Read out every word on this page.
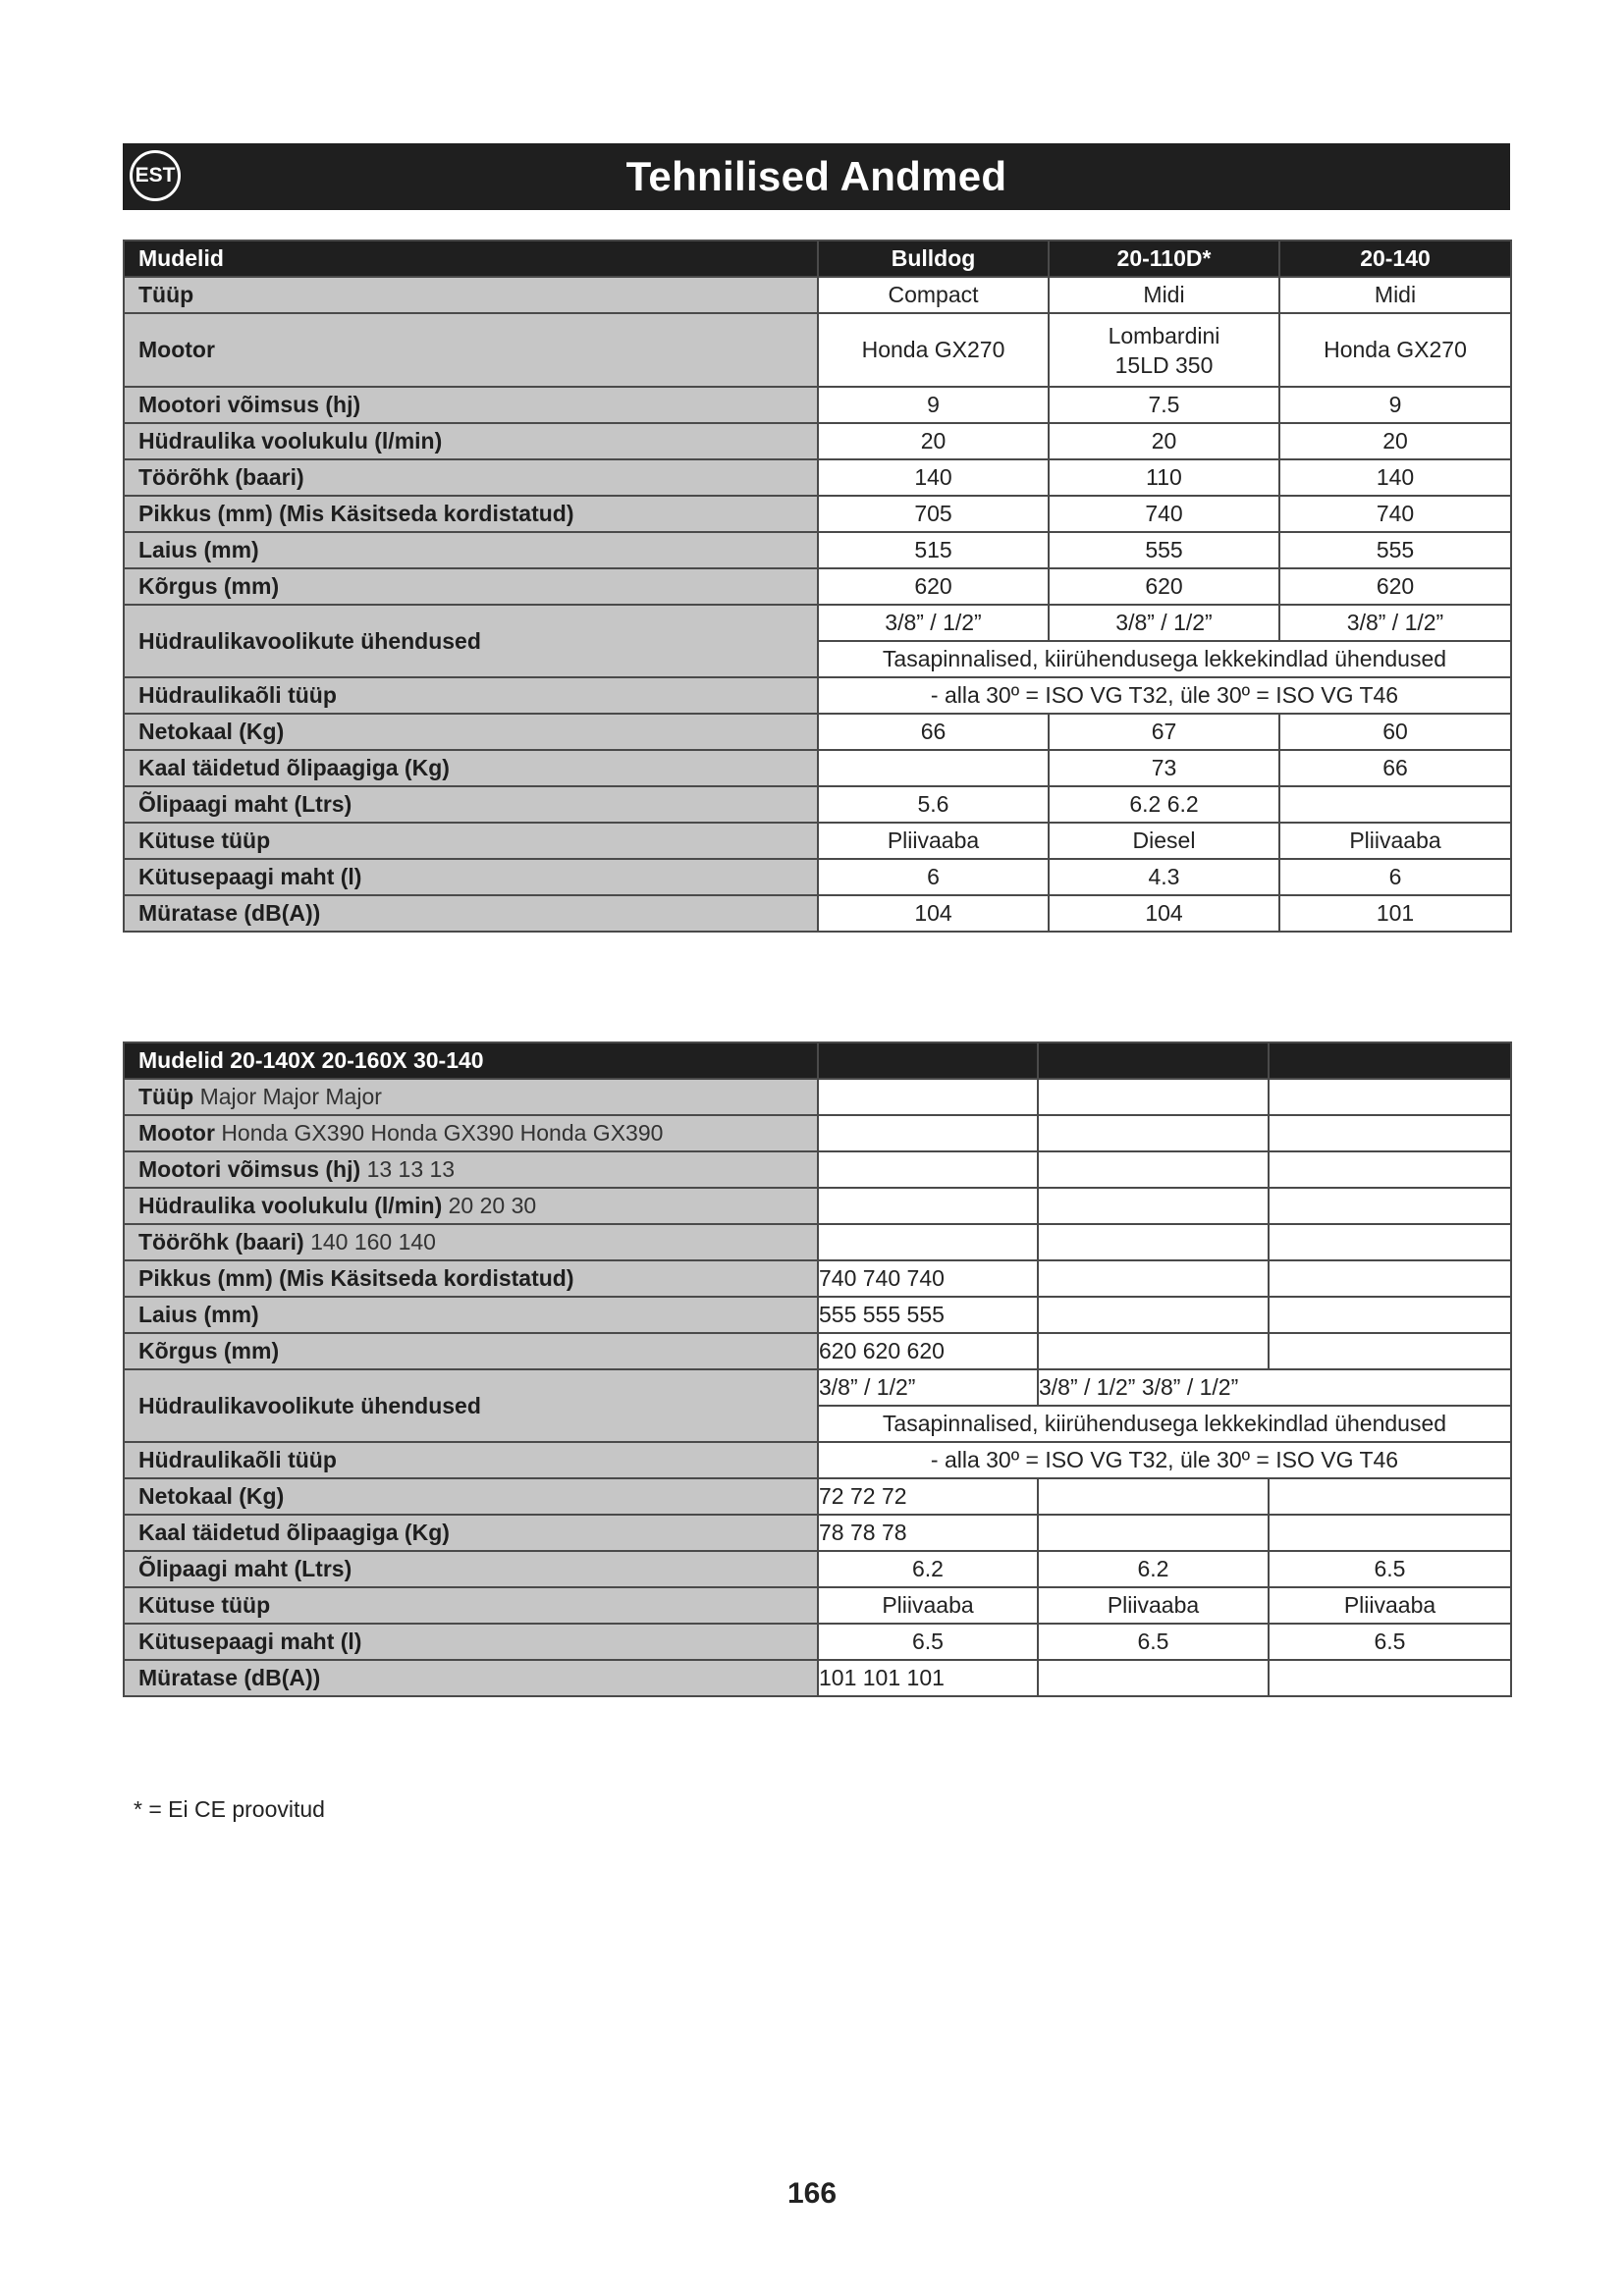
EST	Tehnilised Andmed
Mudelid	Bulldog	20-110D*	20-140
Tüüp	Compact	Midi	Midi
Mootor	Honda GX270	Lombardini 15LD 350	Honda GX270
Mootori võimsus (hj)	9	7.5	9
Hüdraulika voolukulu (l/min)	20	20	20
Töörõhk (baari)	140	110	140
Pikkus (mm) (Mis Käsitseda kordistatud)	705	740	740
Laius (mm)	515	555	555
Kõrgus (mm)	620	620	620
Hüdraulikavoolikute ühendused	3/8” / 1/2”	3/8” / 1/2”	3/8” / 1/2”
	Tasapinnalised, kiirühendusega lekkekindlad ühendused		
Hüdraulikaõli tüüp	- alla 30º = ISO VG T32, üle 30º = ISO VG T46		
Netokaal (Kg)	66	67	60
Kaal täidetud õlipaagiga (Kg)		73	66
Õlipaagi maht (Ltrs)	5.6	6.2 6.2	
Kütuse tüüp	Pliivaaba	Diesel	Pliivaaba
Kütusepaagi maht (l)	6	4.3	6
Müratase (dB(A))	104	104	101
Mudelid 20-140X 20-160X 30-140			
Tüüp Major Major Major			
Mootor Honda GX390 Honda GX390 Honda GX390			
Mootori võimsus (hj) 13 13 13			
Hüdraulika voolukulu (l/min) 20 20 30			
Töörõhk (baari) 140 160 140			
Pikkus (mm) (Mis Käsitseda kordistatud)	740 740 740		
Laius (mm)	555 555 555		
Kõrgus (mm)	620 620 620		
Hüdraulikavoolikute ühendused	3/8” / 1/2”	3/8” / 1/2” 3/8” / 1/2”	
	Tasapinnalised, kiirühendusega lekkekindlad ühendused		
Hüdraulikaõli tüüp	- alla 30º = ISO VG T32, üle 30º = ISO VG T46		
Netokaal (Kg)	72 72 72		
Kaal täidetud õlipaagiga (Kg)	78 78 78		
Õlipaagi maht (Ltrs)	6.2	6.2	6.5
Kütuse tüüp	Pliivaaba	Pliivaaba	Pliivaaba
Kütusepaagi maht (l)	6.5	6.5	6.5
Müratase (dB(A))	101 101 101		
* = Ei CE proovitud
166
